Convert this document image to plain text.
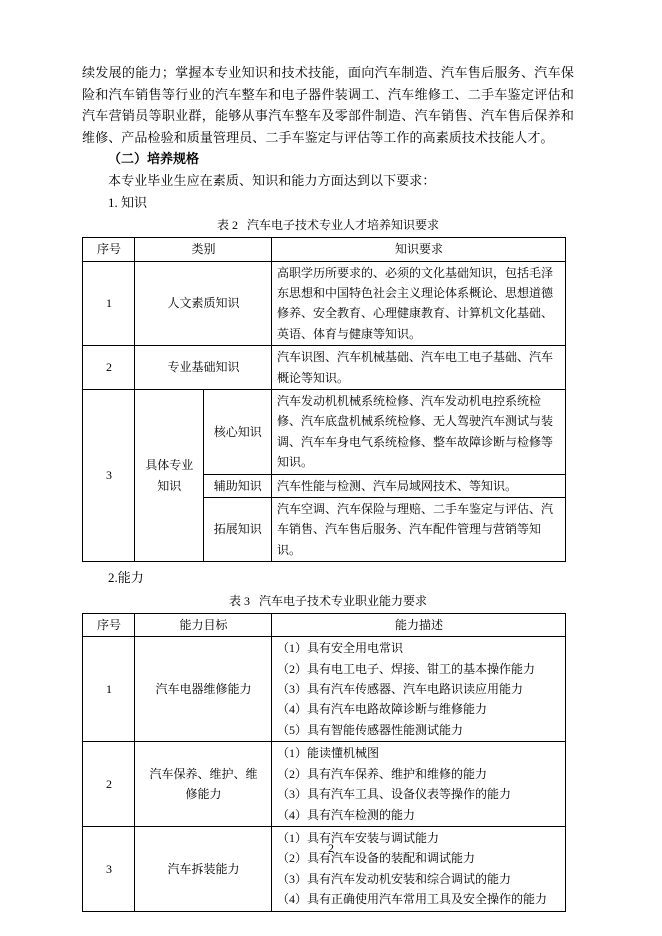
续发展的能力；掌握本专业知识和技术技能，面向汽车制造、汽车售后服务、汽车保险和汽车销售等行业的汽车整车和电子器件装调工、汽车维修工、二手车鉴定评估和汽车营销员等职业群，能够从事汽车整车及零部件制造、汽车销售、汽车售后保养和维修、产品检验和质量管理员、二手车鉴定与评估等工作的高素质技术技能人才。

（二）培养规格

本专业毕业生应在素质、知识和能力方面达到以下要求：

1. 知识

表 2 汽车电子技术专业人才培养知识要求
序号	类别		知识要求
1	人文素质知识		高职学历所要求的、必须的文化基础知识，包括毛泽东思想和中国特色社会主义理论体系概论、思想道德修养、安全教育、心理健康教育、计算机文化基础、英语、体育与健康等知识。
2	专业基础知识		汽车识图、汽车机械基础、汽车电工电子基础、汽车概论等知识。
3	具体专业知识	核心知识	汽车发动机机械系统检修、汽车发动机电控系统检修、汽车底盘机械系统检修、无人驾驶汽车测试与装调、汽车车身电气系统检修、整车故障诊断与检修等知识。
		辅助知识	汽车性能与检测、汽车局域网技术、等知识。
		拓展知识	汽车空调、汽车保险与理赔、二手车鉴定与评估、汽车销售、汽车售后服务、汽车配件管理与营销等知识。

2.能力

表 3 汽车电子技术专业职业能力要求
序号	能力目标	能力描述
1	汽车电器维修能力	（1）具有安全用电常识
（2）具有电工电子、焊接、钳工的基本操作能力
（3）具有汽车传感器、汽车电路识读应用能力
（4）具有汽车电路故障诊断与维修能力
（5）具有智能传感器性能测试能力

2	汽车保养、维护、维
修能力	（1）能读懂机械图
（2）具有汽车保养、维护和维修的能力
（3）具有汽车工具、设备仪表等操作的能力
（4）具有汽车检测的能力

3	汽车拆装能力	（1）具有汽车安装与调试能力
（2）具有汽车设备的装配和调试能力
（3）具有汽车发动机安装和综合调试的能力
（4）具有正确使用汽车常用工具及安全操作的能力
2
